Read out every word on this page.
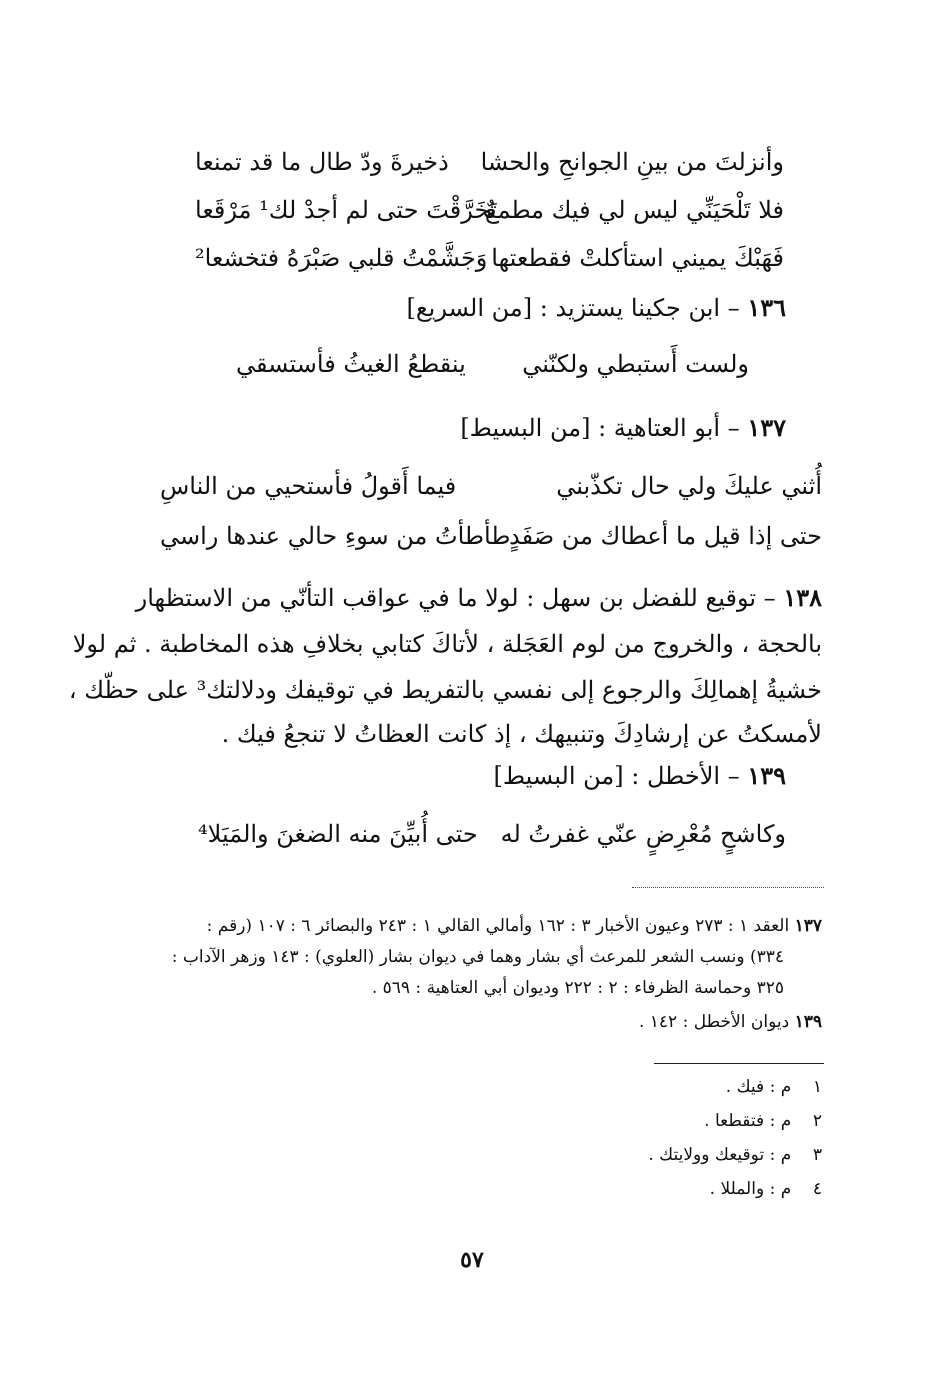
وأنزلتَ من بينِ الجوانحِ والحشا
ذخيرةَ ودّ طال ما قد تمنعا
فلا تَلْحَيَنِّي ليس لي فيك مطمعٌ
تَخَرَّقْتَ حتى لم أجدْ لك¹ مَرْقَعا
فَهَبْكَ يميني استأكلتْ فقطعتها
وَجَشَّمْتُ قلبي صَبْرَهُ فتخشعا²
١٣٦ – ابن جكينا يستزيد : [من السريع]
ولست أَستبطي ولكنّني
ينقطعُ الغيثُ فأستسقي
١٣٧ – أبو العتاهية : [من البسيط]
أُثني عليكَ ولي حال تكذّبني
فيما أَقولُ فأستحيي من الناسِ
حتى إذا قيل ما أعطاك من صَفَدٍ
طأطأتُ من سوءِ حالي عندها راسي
١٣٨ – توقيع للفضل بن سهل : لولا ما في عواقب التأنّي من الاستظهار
بالحجة ، والخروج من لوم العَجَلة ، لأتاكَ كتابي بخلافِ هذه المخاطبة . ثم لولا
خشيةُ إهمالِكَ والرجوع إلى نفسي بالتفريط في توقيفك ودلالتك³ على حظّك ،
لأمسكتُ عن إرشادِكَ وتنبيهك ، إذ كانت العظاتُ لا تنجعُ فيك .
١٣٩ – الأخطل : [من البسيط]
وكاشحٍ مُعْرِضٍ عنّي غفرتُ له
حتى أُبيِّنَ منه الضغنَ والمَيَلا⁴
١٣٧ العقد ١ : ٢٧٣ وعيون الأخبار ٣ : ١٦٢ وأمالي القالي ١ : ٢٤٣ والبصائر ٦ : ١٠٧ (رقم :
٣٣٤) ونسب الشعر للمرعث أي بشار وهما في ديوان بشار (العلوي) : ١٤٣ وزهر الآداب :
٣٢٥ وحماسة الظرفاء : ٢ : ٢٢٢ وديوان أبي العتاهية : ٥٦٩ .
١٣٩ ديوان الأخطل : ١٤٢ .
١    م : فيك .
٢    م : فتقطعا .
٣    م : توقيعك وولايتك .
٤    م : والمللا .
٥٧
